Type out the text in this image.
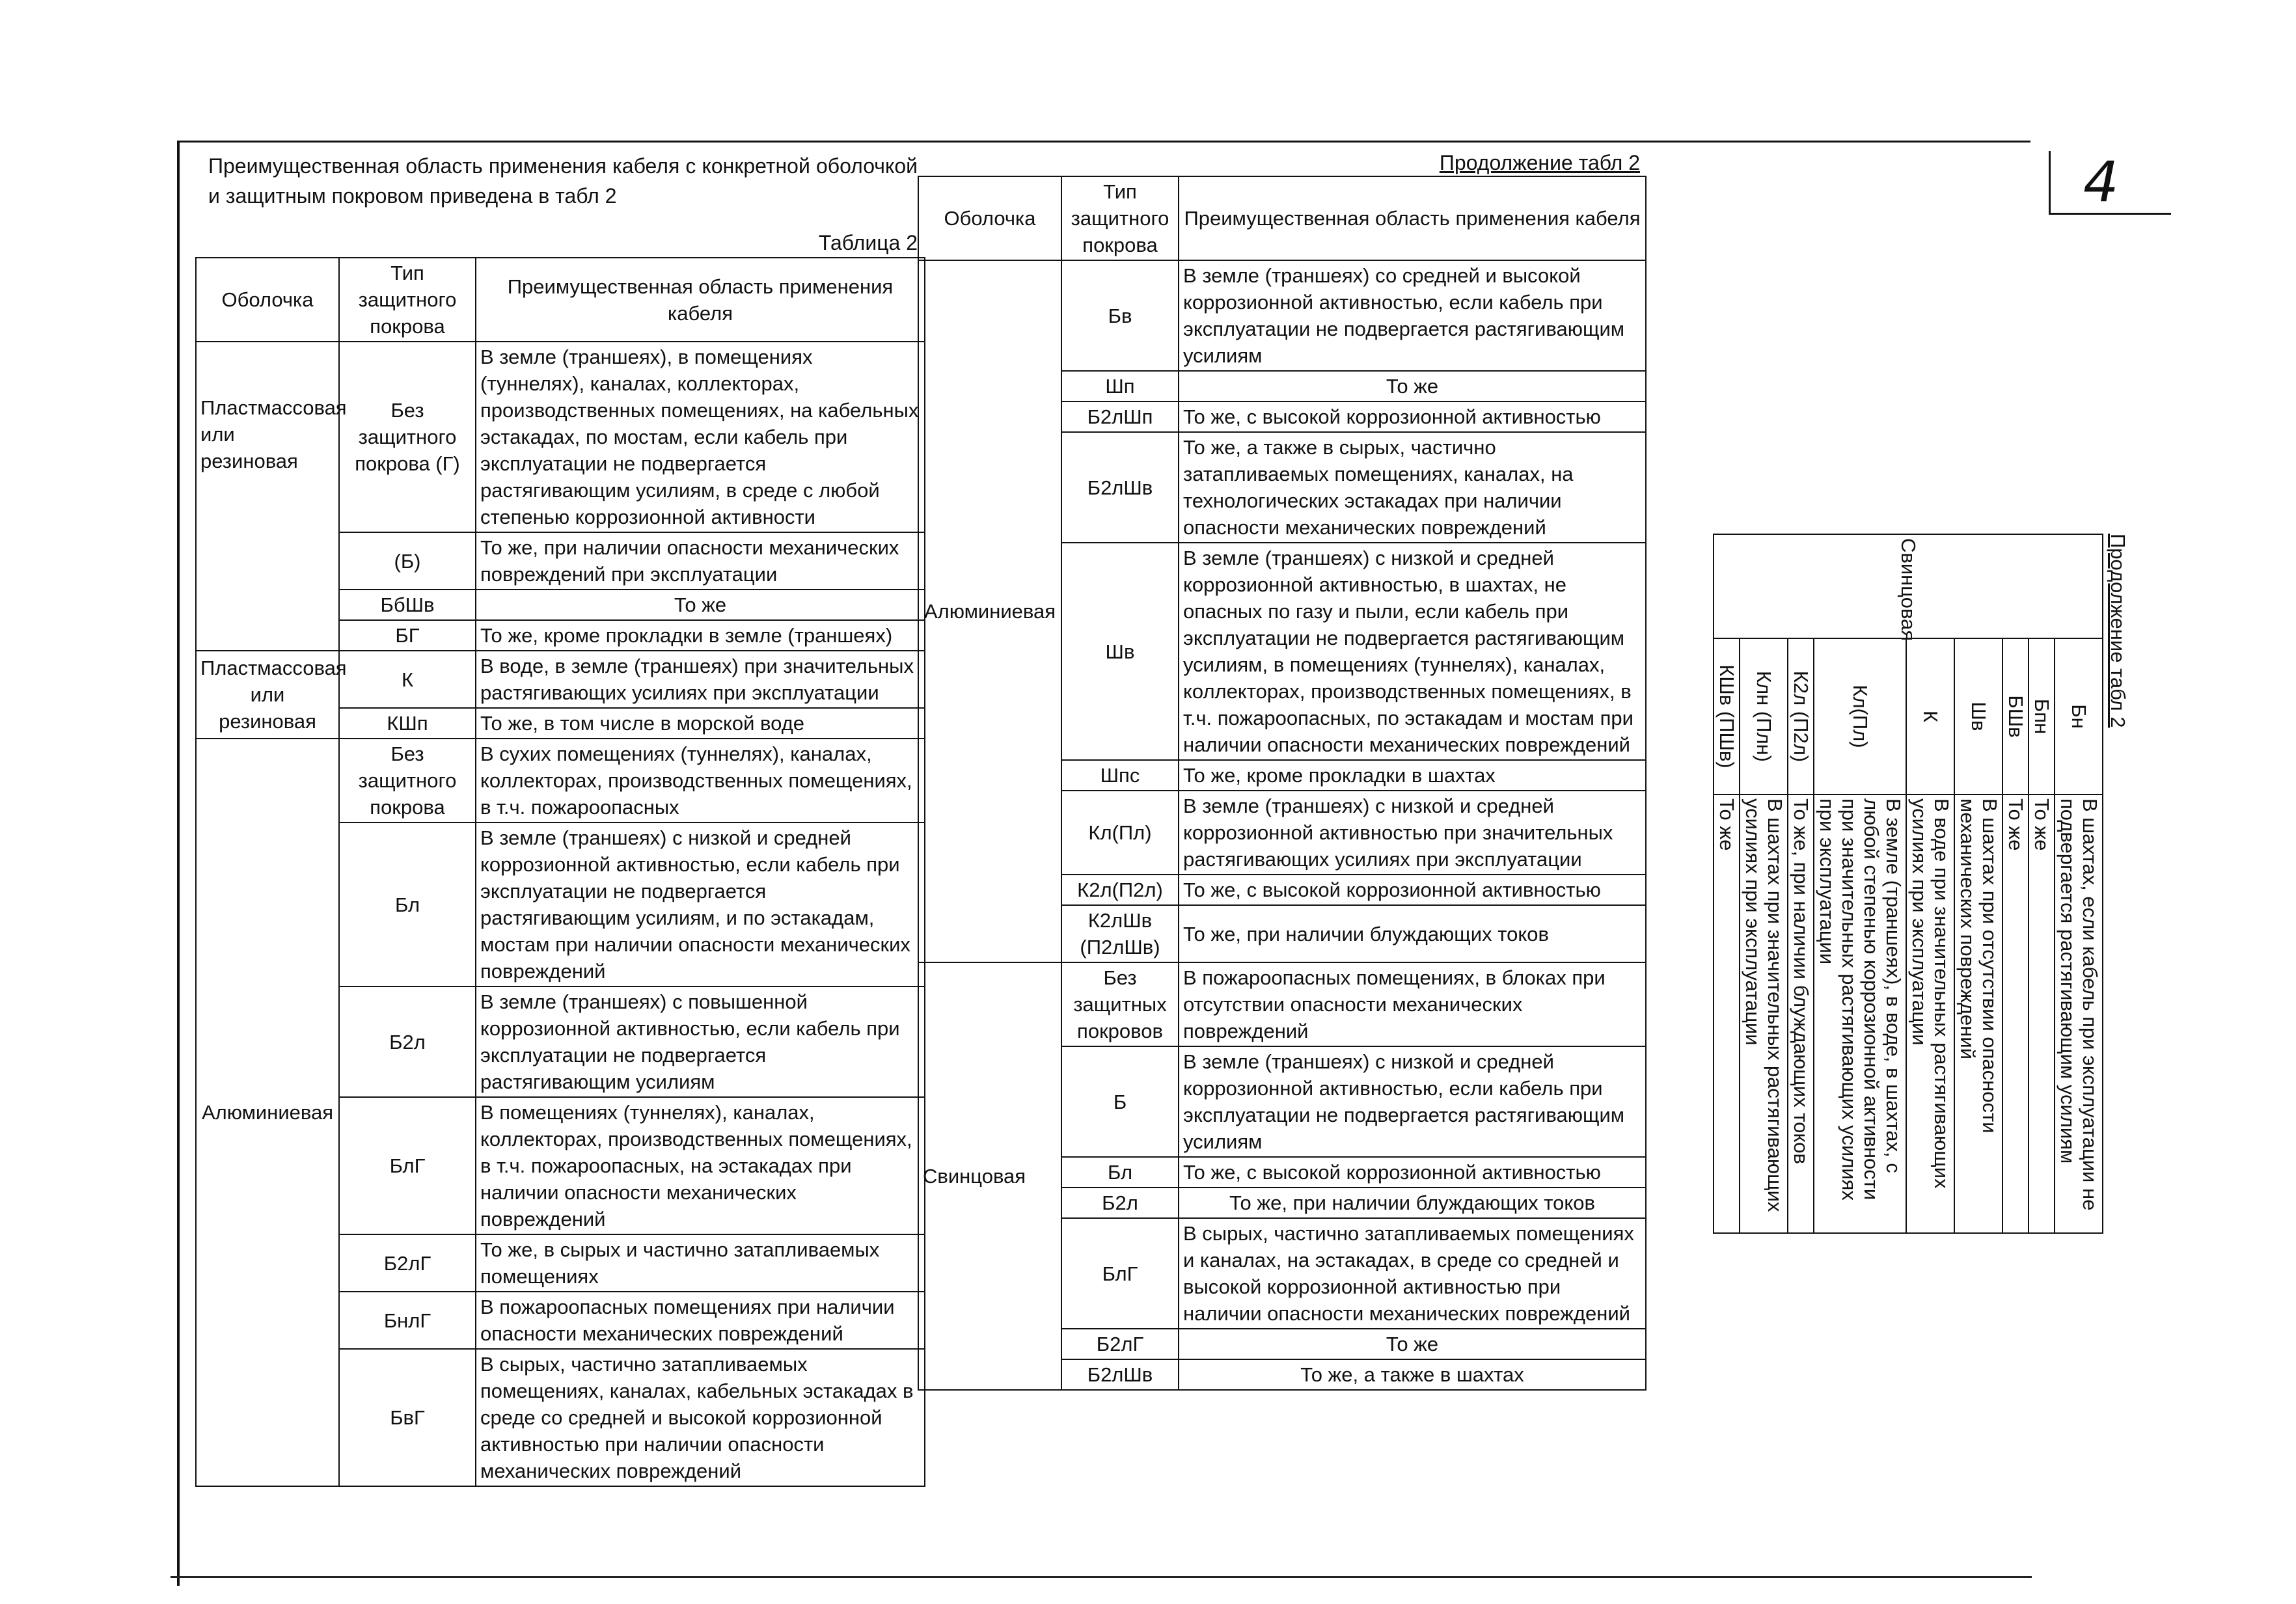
Преимущественная область применения кабеля с конкретной оболочкой и защитным покровом приведена в табл 2
Таблица 2
Продолжение табл 2
Оболочка	Тип защитного покрова	Преимущественная область применения кабеля
Пластмассовая или резиновая	Без защитного покрова (Г)	В земле (траншеях), в помещениях (туннелях), каналах, коллекторах, производственных помещениях, на кабельных эстакадах, по мостам, если кабель при эксплуатации не подвергается растягивающим усилиям, в среде с любой степенью коррозионной активности
	(Б)	То же, при наличии опасности механических повреждений при эксплуатации
	БбШв	То же
	БГ	То же, кроме прокладки в земле (траншеях)
Пластмассовая или резиновая	К	В воде, в земле (траншеях) при значительных растягивающих усилиях при эксплуатации
	КШп	То же, в том числе в морской воде
Алюминиевая	Без защитного покрова	В сухих помещениях (туннелях), каналах, коллекторах, производственных помещениях, в т.ч. пожароопасных
	Бл	В земле (траншеях) с низкой и средней коррозионной активностью, если кабель при эксплуатации не подвергается растягивающим усилиям, и по эстакадам, мостам при наличии опасности механических повреждений
	Б2л	В земле (траншеях) с повышенной коррозионной активностью, если кабель при эксплуатации не подвергается растягивающим усилиям
	БлГ	В помещениях (туннелях), каналах, коллекторах, производственных помещениях, в т.ч. пожароопасных, на эстакадах при наличии опасности механических повреждений
	Б2лГ	То же, в сырых и частично затапливаемых помещениях
	БнлГ	В пожароопасных помещениях при наличии опасности механических повреждений
	БвГ	В сырых, частично затапливаемых помещениях, каналах, кабельных эстакадах в среде со средней и высокой коррозионной активностью при наличии опасности механических повреждений
Оболочка	Тип защитного покрова	Преимущественная область применения кабеля
Алюминиевая	Бв	В земле (траншеях) со средней и высокой коррозионной активностью, если кабель при эксплуатации не подвергается растягивающим усилиям
	Шп	То же
	Б2лШп	То же, с высокой коррозионной активностью
	Б2лШв	То же, а также в сырых, частично затапливаемых помещениях, каналах, на технологических эстакадах при наличии опасности механических повреждений
	Шв	В земле (траншеях) с низкой и средней коррозионной активностью, в шахтах, не опасных по газу и пыли, если кабель при эксплуатации не подвергается растягивающим усилиям, в помещениях (туннелях), каналах, коллекторах, производственных помещениях, в т.ч. пожароопасных, по эстакадам и мостам при наличии опасности механических повреждений
	Шпс	То же, кроме прокладки в шахтах
	Кл(Пл)	В земле (траншеях) с низкой и средней коррозионной активностью при значительных растягивающих усилиях при эксплуатации
	К2л(П2л)	То же, с высокой коррозионной активностью
	К2лШв (П2лШв)	То же, при наличии блуждающих токов
Свинцовая	Без защитных покровов	В пожароопасных помещениях, в блоках при отсутствии опасности механических повреждений
	Б	В земле (траншеях) с низкой и средней коррозионной активностью, если кабель при эксплуатации не подвергается растягивающим усилиям
	Бл	То же, с высокой коррозионной активностью
	Б2л	То же, при наличии блуждающих токов
	БлГ	В сырых, частично затапливаемых помещениях и каналах, на эстакадах, в среде со средней и высокой коррозионной активностью при наличии опасности механических повреждений
	Б2лГ	То же
	Б2лШв	То же, а также в шахтах
4
Продолжение табл 2
Свинцовая	Бн	В шахтах, если кабель при эксплуатации не подвергается растягивающим усилиям
	Бпн	То же
	БШв	То же
	Шв	В шахтах при отсутствии опасности механических повреждений
	К	В воде при значительных растягивающих усилиях при эксплуатации
	Кл(Пл)	В земле (траншеях), в воде, в шахтах, с любой степенью коррозионной активности при значительных растягивающих усилиях при эксплуатации
	К2л (П2л)	То же, при наличии блуждающих токов
	Клн (Плн)	В шахтах при значительных растягивающих усилиях при эксплуатации
	КШв (ПШв)	То же
